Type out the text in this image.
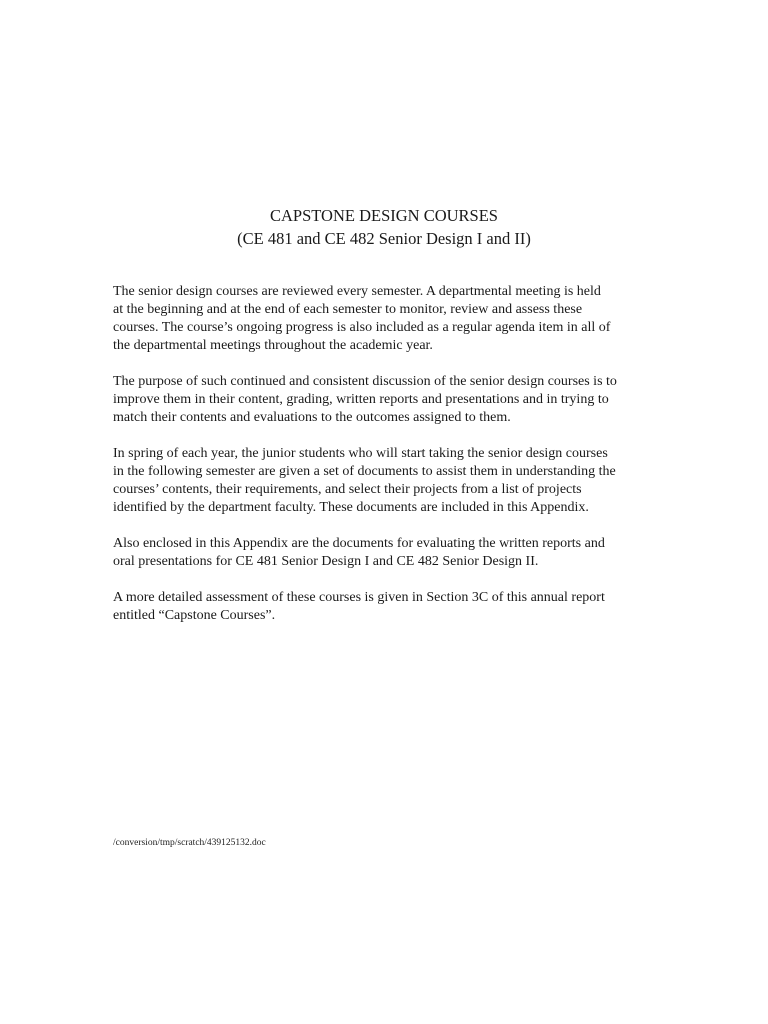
CAPSTONE DESIGN COURSES
(CE 481 and CE 482 Senior Design I and II)

The senior design courses are reviewed every semester. A departmental meeting is held
at the beginning and at the end of each semester to monitor, review and assess these
courses. The course’s ongoing progress is also included as a regular agenda item in all of
the departmental meetings throughout the academic year.

The purpose of such continued and consistent discussion of the senior design courses is to
improve them in their content, grading, written reports and presentations and in trying to
match their contents and evaluations to the outcomes assigned to them.

In spring of each year, the junior students who will start taking the senior design courses
in the following semester are given a set of documents to assist them in understanding the
courses’ contents, their requirements, and select their projects from a list of projects
identified by the department faculty. These documents are included in this Appendix.

Also enclosed in this Appendix are the documents for evaluating the written reports and
oral presentations for CE 481 Senior Design I and CE 482 Senior Design II.

A more detailed assessment of these courses is given in Section 3C of this annual report
entitled “Capstone Courses”.

/conversion/tmp/scratch/439125132.doc
